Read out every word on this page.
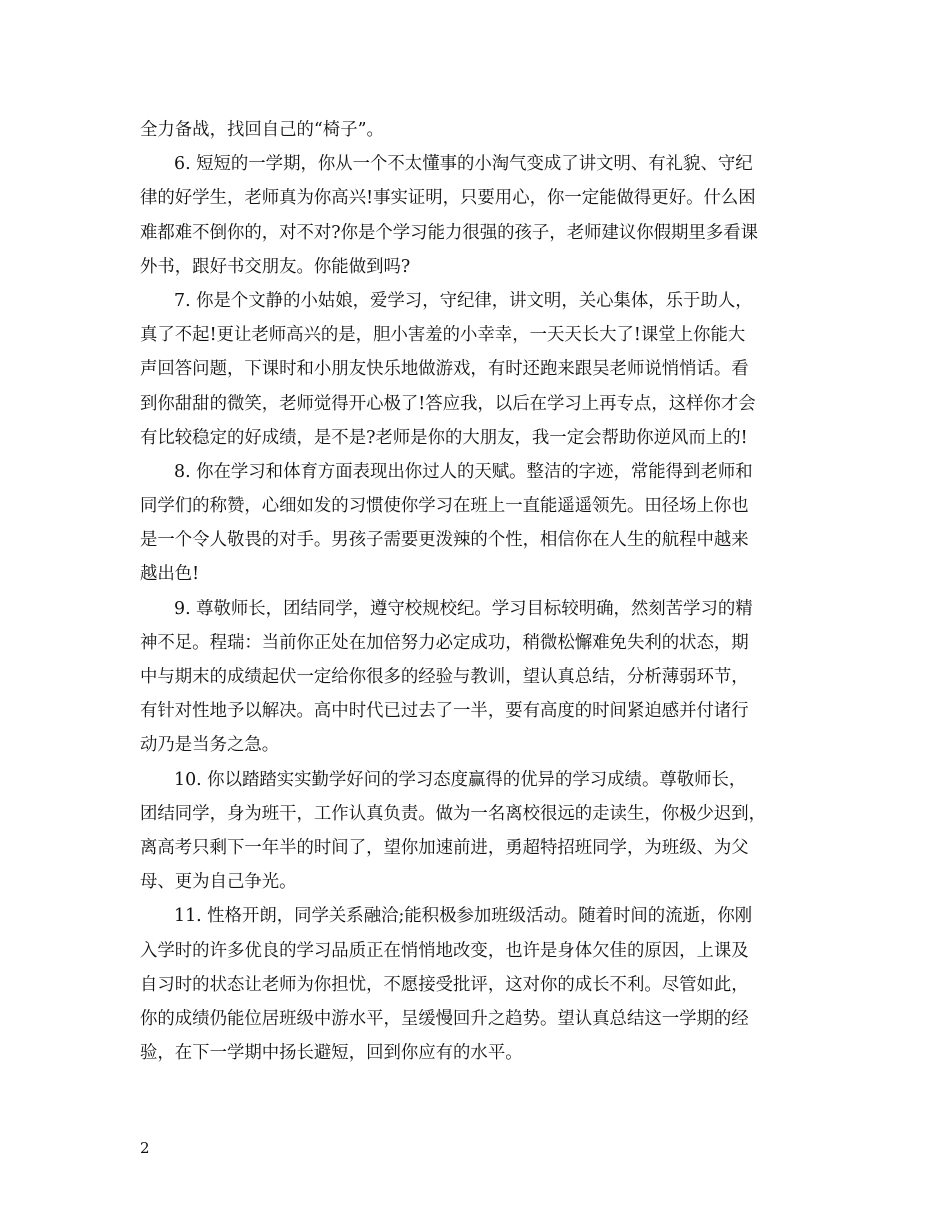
全力备战，找回自己的“椅子”。
6. 短短的一学期，你从一个不太懂事的小淘气变成了讲文明、有礼貌、守纪
律的好学生，老师真为你高兴!事实证明，只要用心，你一定能做得更好。什么困
难都难不倒你的，对不对?你是个学习能力很强的孩子，老师建议你假期里多看课
外书，跟好书交朋友。你能做到吗?
7. 你是个文静的小姑娘，爱学习，守纪律，讲文明，关心集体，乐于助人，
真了不起!更让老师高兴的是，胆小害羞的小幸幸，一天天长大了!课堂上你能大
声回答问题，下课时和小朋友快乐地做游戏，有时还跑来跟吴老师说悄悄话。看
到你甜甜的微笑，老师觉得开心极了!答应我，以后在学习上再专点，这样你才会
有比较稳定的好成绩，是不是?老师是你的大朋友，我一定会帮助你逆风而上的!
8. 你在学习和体育方面表现出你过人的天赋。整洁的字迹，常能得到老师和
同学们的称赞，心细如发的习惯使你学习在班上一直能遥遥领先。田径场上你也
是一个令人敬畏的对手。男孩子需要更泼辣的个性，相信你在人生的航程中越来
越出色!
9. 尊敬师长，团结同学，遵守校规校纪。学习目标较明确，然刻苦学习的精
神不足。程瑞：当前你正处在加倍努力必定成功，稍微松懈难免失利的状态，期
中与期末的成绩起伏一定给你很多的经验与教训，望认真总结，分析薄弱环节，
有针对性地予以解决。高中时代已过去了一半，要有高度的时间紧迫感并付诸行
动乃是当务之急。
10. 你以踏踏实实勤学好问的学习态度赢得的优异的学习成绩。尊敬师长，
团结同学，身为班干，工作认真负责。做为一名离校很远的走读生，你极少迟到，
离高考只剩下一年半的时间了，望你加速前进，勇超特招班同学，为班级、为父
母、更为自己争光。
11. 性格开朗，同学关系融洽;能积极参加班级活动。随着时间的流逝，你刚
入学时的许多优良的学习品质正在悄悄地改变，也许是身体欠佳的原因，上课及
自习时的状态让老师为你担忧，不愿接受批评，这对你的成长不利。尽管如此，
你的成绩仍能位居班级中游水平，呈缓慢回升之趋势。望认真总结这一学期的经
验，在下一学期中扬长避短，回到你应有的水平。
2
